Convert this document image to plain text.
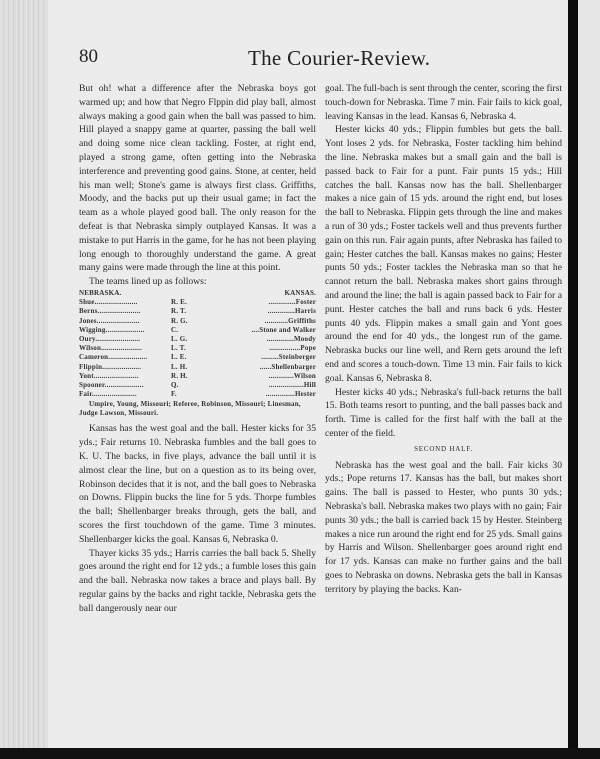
80	The Courier-Review.

But oh! what a difference after the Nebraska boys got warmed up; and how that Negro Flppin did play ball, almost always making a good gain when the ball was passed to him. Hill played a snappy game at quarter, passing the ball well and doing some nice clean tackling. Foster, at right end, played a strong game, often getting into the Nebraska interference and preventing good gains. Stone, at center, held his man well; Stone's game is always first class. Griffiths, Moody, and the backs put up their usual game; in fact the team as a whole played good ball. The only reason for the defeat is that Nebraska simply outplayed Kansas. It was a mistake to put Harris in the game, for he has not been playing long enough to thoroughly understand the game. A great many gains were made through the line at this point.

The teams lined up as follows:

NEBRASKA.	KANSAS.
Shue......................	R. E.	..............Foster
Berns......................	R. T.	..............Harris
Jones......................	R. G.	............Griffiths
Wigging....................	C.	....Stone and Walker
Oury.......................	L. G.	..............Moody
Wilson.....................	L. T.	................Pope
Cameron....................	L. E.	.........Steinberger
Flippin....................	L. H.	......Shellenbarger
Yont.......................	R. H.	.............Wilson
Spooner....................	Q.	..................Hill
Fair.......................	F.	...............Hester
Umpire, Young, Missouri; Referee, Robinson, Missouri; Linesman, Judge Lawson, Missouri.

Kansas has the west goal and the ball. Hester kicks for 35 yds.; Fair returns 10. Nebraska fumbles and the ball goes to K. U. The backs, in five plays, advance the ball until it is almost clear the line, but on a question as to its being over, Robinson decides that it is not, and the ball goes to Nebraska on Downs. Flippin bucks the line for 5 yds. Thorpe fumbles the ball; Shellenbarger breaks through, gets the ball, and scores the first touchdown of the game. Time 3 minutes. Shellenbarger kicks the goal. Kansas 6, Nebraska 0.

Thayer kicks 35 yds.; Harris carries the ball back 5. Shelly goes around the right end for 12 yds.; a fumble loses this gain and the ball. Nebraska now takes a brace and plays ball. By regular gains by the backs and right tackle, Nebraska gets the ball dangerously near our

goal. The full-bach is sent through the center, scoring the first touch-down for Nebraska. Time 7 min. Fair fails to kick goal, leaving Kansas in the lead. Kansas 6, Nebraska 4.

Hester kicks 40 yds.; Flippin fumbles but gets the ball. Yont loses 2 yds. for Nebraska, Foster tackling him behind the line. Nebraska makes but a small gain and the ball is passed back to Fair for a punt. Fair punts 15 yds.; Hill catches the ball. Kansas now has the ball. Shellenbarger makes a nice gain of 15 yds. around the right end, but loses the ball to Nebraska. Flippin gets through the line and makes a run of 30 yds.; Foster tackels well and thus prevents further gain on this run. Fair again punts, after Nebraska has failed to gain; Hester catches the ball. Kansas makes no gains; Hester punts 50 yds.; Foster tackles the Nebraska man so that he cannot return the ball. Nebraska makes short gains through and around the line; the ball is again passed back to Fair for a punt. Hester catches the ball and runs back 6 yds. Hester punts 40 yds. Flippin makes a small gain and Yont goes around the end for 40 yds., the longest run of the game. Nebraska bucks our line well, and Rern gets around the left end and scores a touch-down. Time 13 min. Fair fails to kick goal. Kansas 6, Nebraska 8.

Hester kicks 40 yds.; Nebraska's full-back returns the ball 15. Both teams resort to punting, and the ball passes back and forth. Time is called for the first half with the ball at the center of the field.

SECOND HALF.

Nebraska has the west goal and the ball. Fair kicks 30 yds.; Pope returns 17. Kansas has the ball, but makes short gains. The ball is passed to Hester, who punts 30 yds.; Nebraska's ball. Nebraska makes two plays with no gain; Fair punts 30 yds.; the ball is carried back 15 by Hester. Steinberg makes a nice run around the right end for 25 yds. Small gains by Harris and Wilson. Shellenbarger goes around right end for 17 yds. Kansas can make no further gains and the ball goes to Nebraska on downs. Nebraska gets the ball in Kansas territory by playing the backs. Kan-
